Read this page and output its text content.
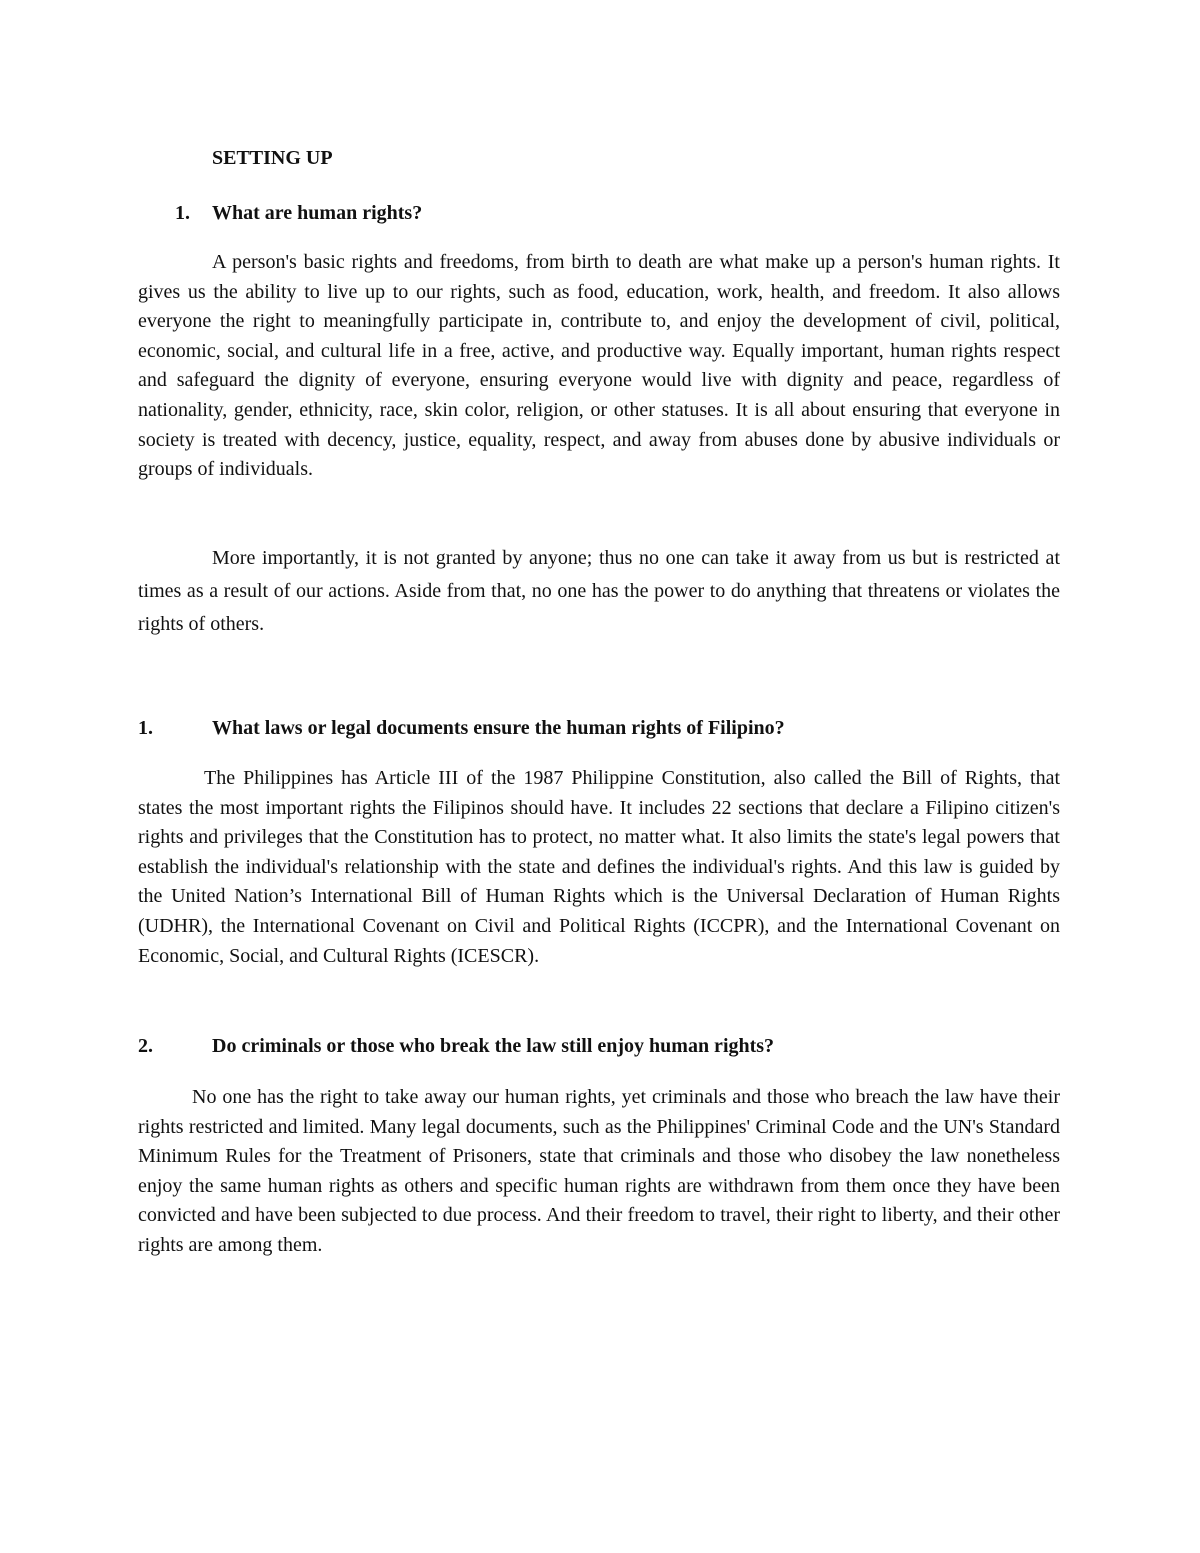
SETTING UP
1. What are human rights?

A person's basic rights and freedoms, from birth to death are what make up a person's human rights. It gives us the ability to live up to our rights, such as food, education, work, health, and freedom. It also allows everyone the right to meaningfully participate in, contribute to, and enjoy the development of civil, political, economic, social, and cultural life in a free, active, and productive way. Equally important, human rights respect and safeguard the dignity of everyone, ensuring everyone would live with dignity and peace, regardless of nationality, gender, ethnicity, race, skin color, religion, or other statuses. It is all about ensuring that everyone in society is treated with decency, justice, equality, respect, and away from abuses done by abusive individuals or groups of individuals.

More importantly, it is not granted by anyone; thus no one can take it away from us but is restricted at times as a result of our actions. Aside from that, no one has the power to do anything that threatens or violates the rights of others.

1.	What laws or legal documents ensure the human rights of Filipino?

The Philippines has Article III of the 1987 Philippine Constitution, also called the Bill of Rights, that states the most important rights the Filipinos should have. It includes 22 sections that declare a Filipino citizen's rights and privileges that the Constitution has to protect, no matter what. It also limits the state's legal powers that establish the individual's relationship with the state and defines the individual's rights. And this law is guided by the United Nation’s International Bill of Human Rights which is the Universal Declaration of Human Rights (UDHR), the International Covenant on Civil and Political Rights (ICCPR), and the International Covenant on Economic, Social, and Cultural Rights (ICESCR).

2.	Do criminals or those who break the law still enjoy human rights?

No one has the right to take away our human rights, yet criminals and those who breach the law have their rights restricted and limited. Many legal documents, such as the Philippines' Criminal Code and the UN's Standard Minimum Rules for the Treatment of Prisoners, state that criminals and those who disobey the law nonetheless enjoy the same human rights as others and specific human rights are withdrawn from them once they have been convicted and have been subjected to due process. And their freedom to travel, their right to liberty, and their other rights are among them.
